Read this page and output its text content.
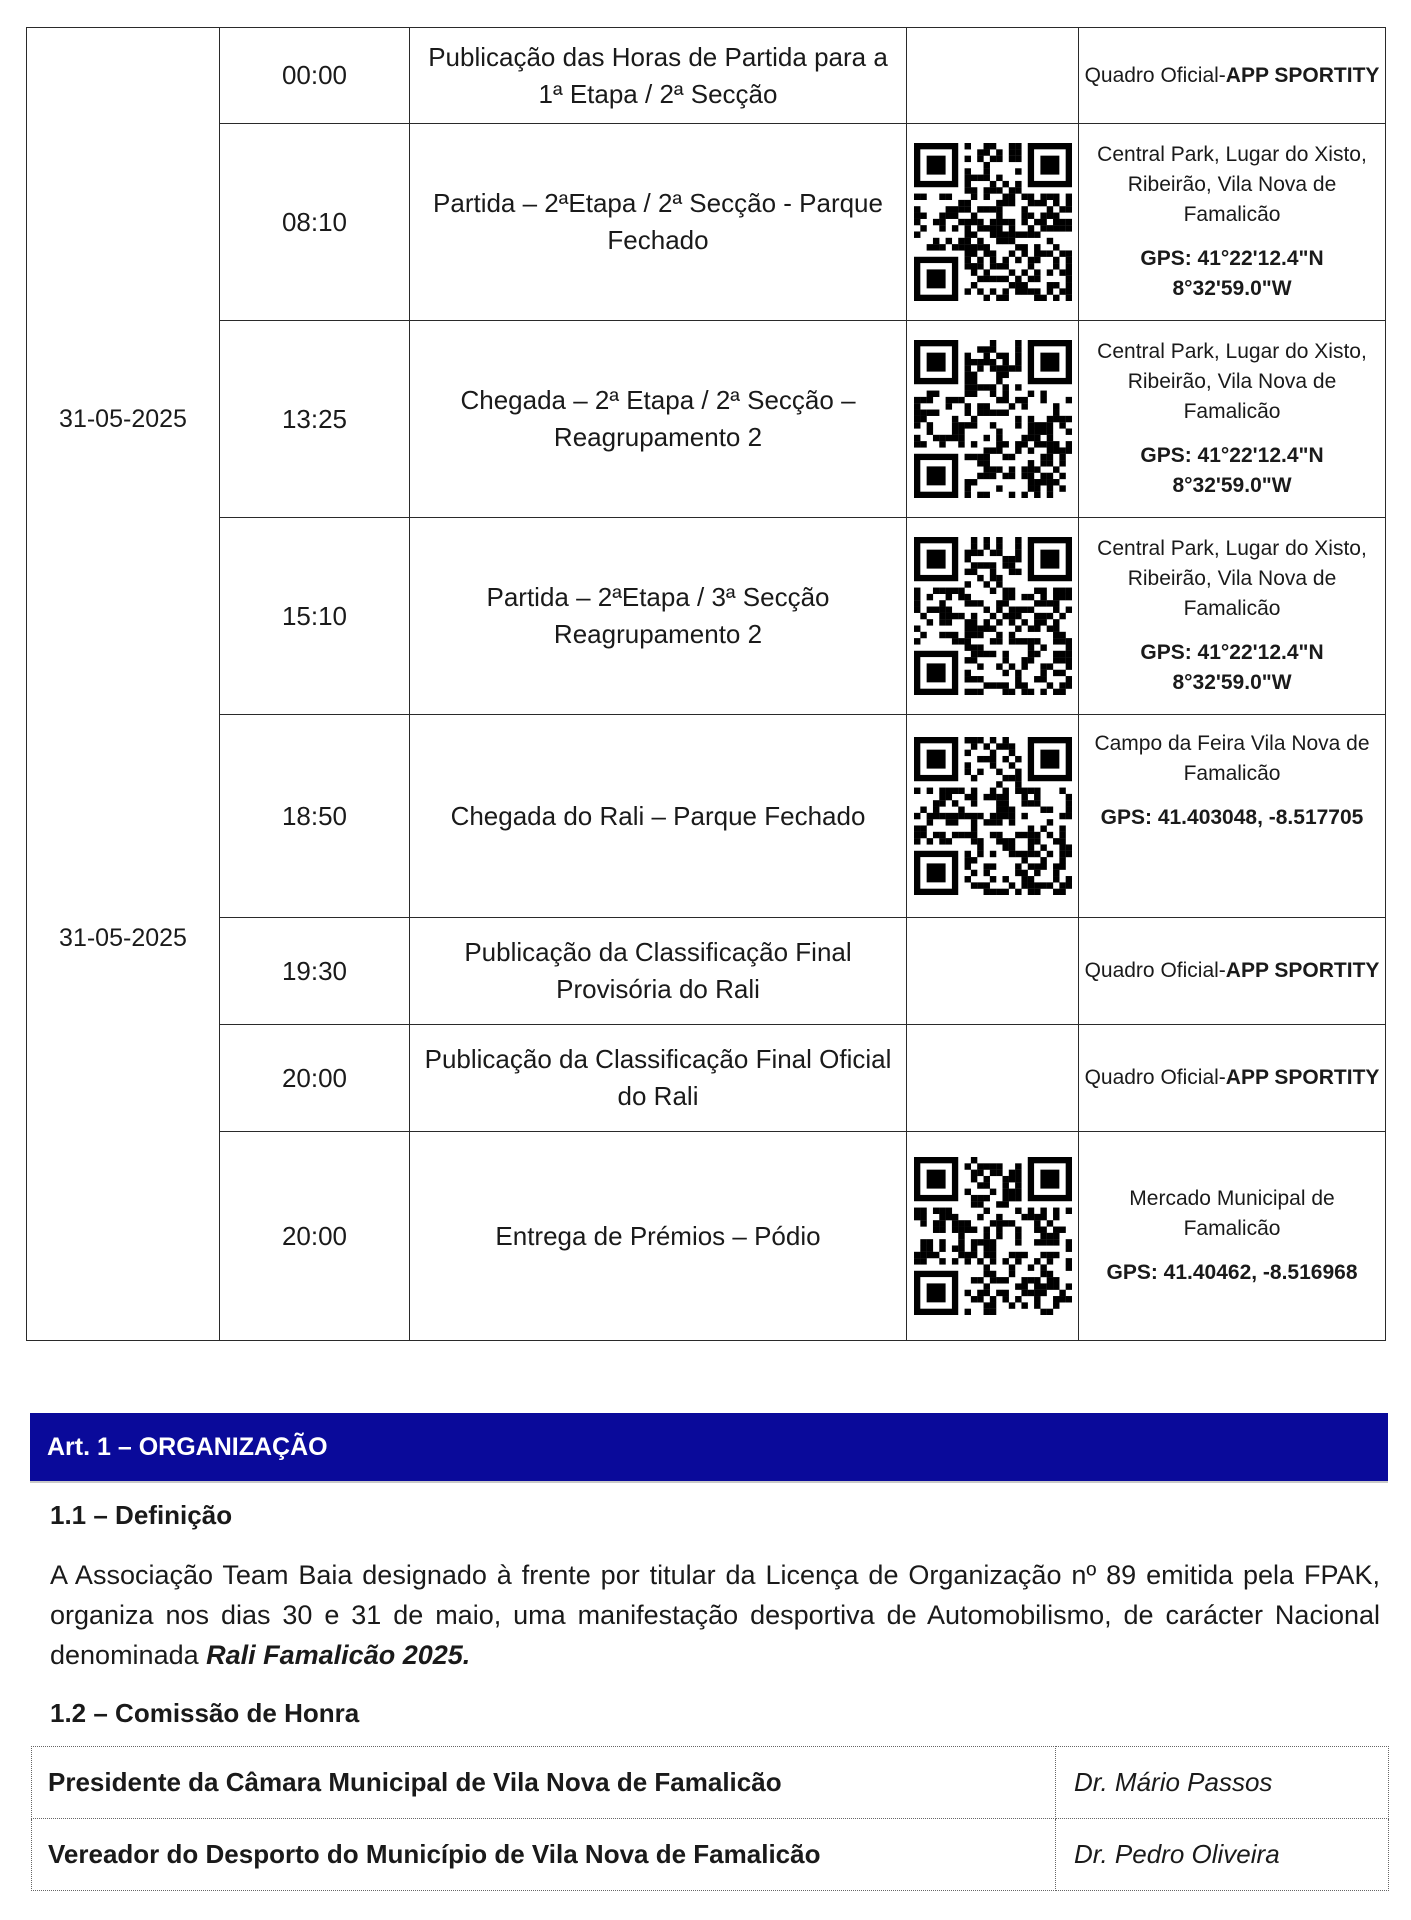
	00:00	Publicação das Horas de Partida para a 1ª Etapa / 2ª Secção		Quadro Oficial-APP SPORTITY
	08:10	Partida – 2ªEtapa / 2ª Secção - Parque Fechado		Central Park, Lugar do Xisto, Ribeirão, Vila Nova de Famalicão
GPS: 41°22'12.4"N 8°32'59.0"W

31-05-2025	13:25	Chegada – 2ª Etapa / 2ª Secção – Reagrupamento 2		Central Park, Lugar do Xisto, Ribeirão, Vila Nova de Famalicão
GPS: 41°22'12.4"N 8°32'59.0"W

	15:10	Partida – 2ªEtapa / 3ª Secção Reagrupamento 2		Central Park, Lugar do Xisto, Ribeirão, Vila Nova de Famalicão
GPS: 41°22'12.4"N 8°32'59.0"W

	18:50	Chegada do Rali – Parque Fechado		Campo da Feira Vila Nova de Famalicão
GPS: 41.403048, -8.517705

31-05-2025	19:30	Publicação da Classificação Final Provisória do Rali		Quadro Oficial-APP SPORTITY
	20:00	Publicação da Classificação Final Oficial do Rali		Quadro Oficial-APP SPORTITY
	20:00	Entrega de Prémios – Pódio		Mercado Municipal de Famalicão
GPS: 41.40462, -8.516968
Art. 1 – ORGANIZAÇÃO
1.1 – Definição
A Associação Team Baia designado à frente por titular da Licença de Organização nº 89 emitida pela FPAK, organiza nos dias 30 e 31 de maio, uma manifestação desportiva de Automobilismo, de carácter Nacional denominada Rali Famalicão 2025.
1.2 – Comissão de Honra
Presidente da Câmara Municipal de Vila Nova de Famalicão	Dr. Mário Passos
Vereador do Desporto do Município de Vila Nova de Famalicão	Dr. Pedro Oliveira
